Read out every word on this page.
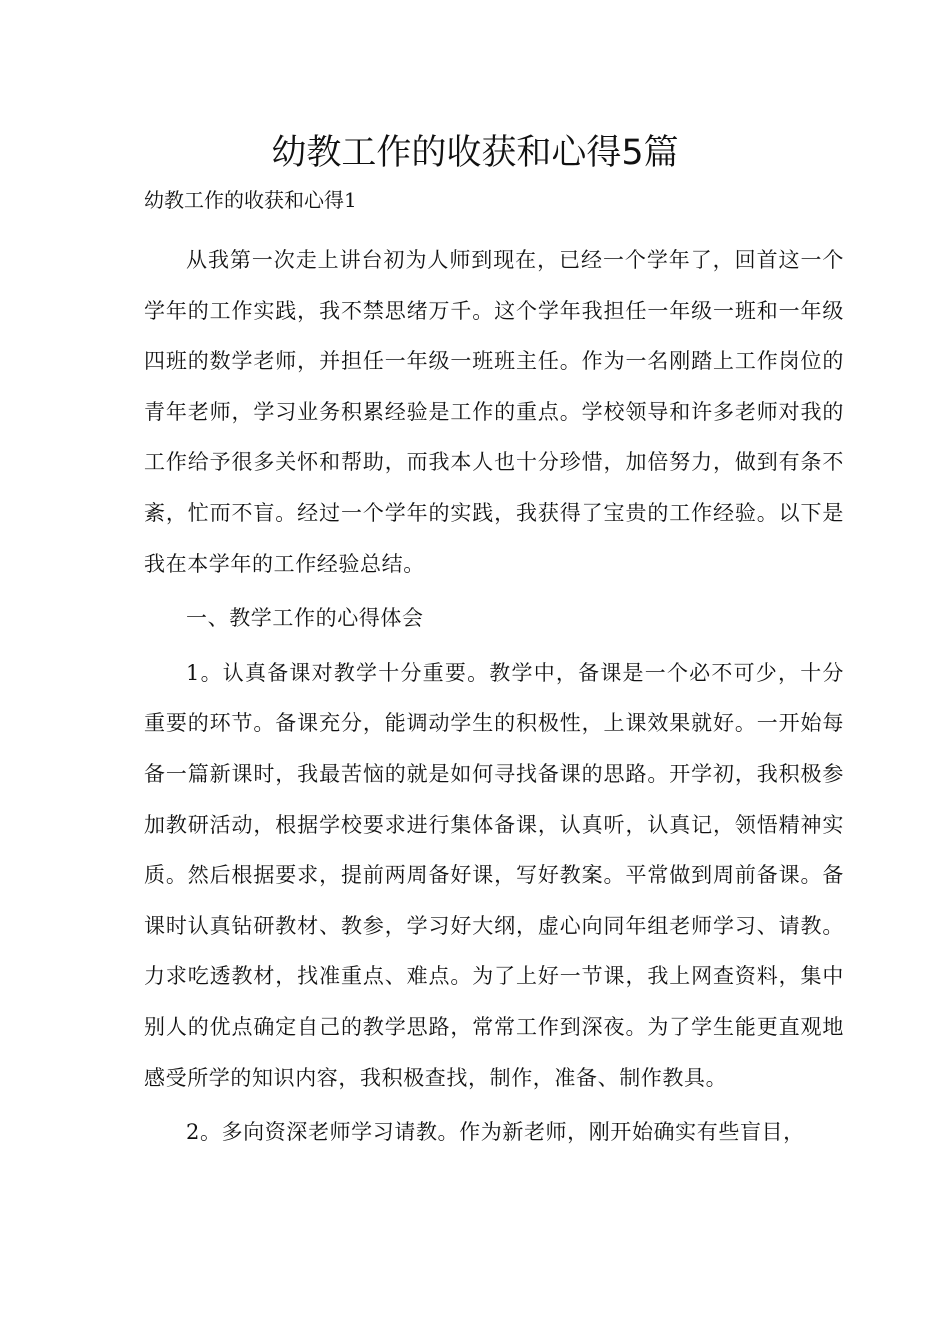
幼教工作的收获和心得5篇

幼教工作的收获和心得1

从我第一次走上讲台初为人师到现在，已经一个学年了，回首这一个学年的工作实践，我不禁思绪万千。这个学年我担任一年级一班和一年级四班的数学老师，并担任一年级一班班主任。作为一名刚踏上工作岗位的青年老师，学习业务积累经验是工作的重点。学校领导和许多老师对我的工作给予很多关怀和帮助，而我本人也十分珍惜，加倍努力，做到有条不紊，忙而不盲。经过一个学年的实践，我获得了宝贵的工作经验。以下是我在本学年的工作经验总结。

一、教学工作的心得体会

1。认真备课对教学十分重要。教学中，备课是一个必不可少，十分重要的环节。备课充分，能调动学生的积极性，上课效果就好。一开始每备一篇新课时，我最苦恼的就是如何寻找备课的思路。开学初，我积极参加教研活动，根据学校要求进行集体备课，认真听，认真记，领悟精神实质。然后根据要求，提前两周备好课，写好教案。平常做到周前备课。备课时认真钻研教材、教参，学习好大纲，虚心向同年组老师学习、请教。力求吃透教材，找准重点、难点。为了上好一节课，我上网查资料，集中别人的优点确定自己的教学思路，常常工作到深夜。为了学生能更直观地感受所学的知识内容，我积极查找，制作，准备、制作教具。

2。多向资深老师学习请教。作为新老师，刚开始确实有些盲目，
